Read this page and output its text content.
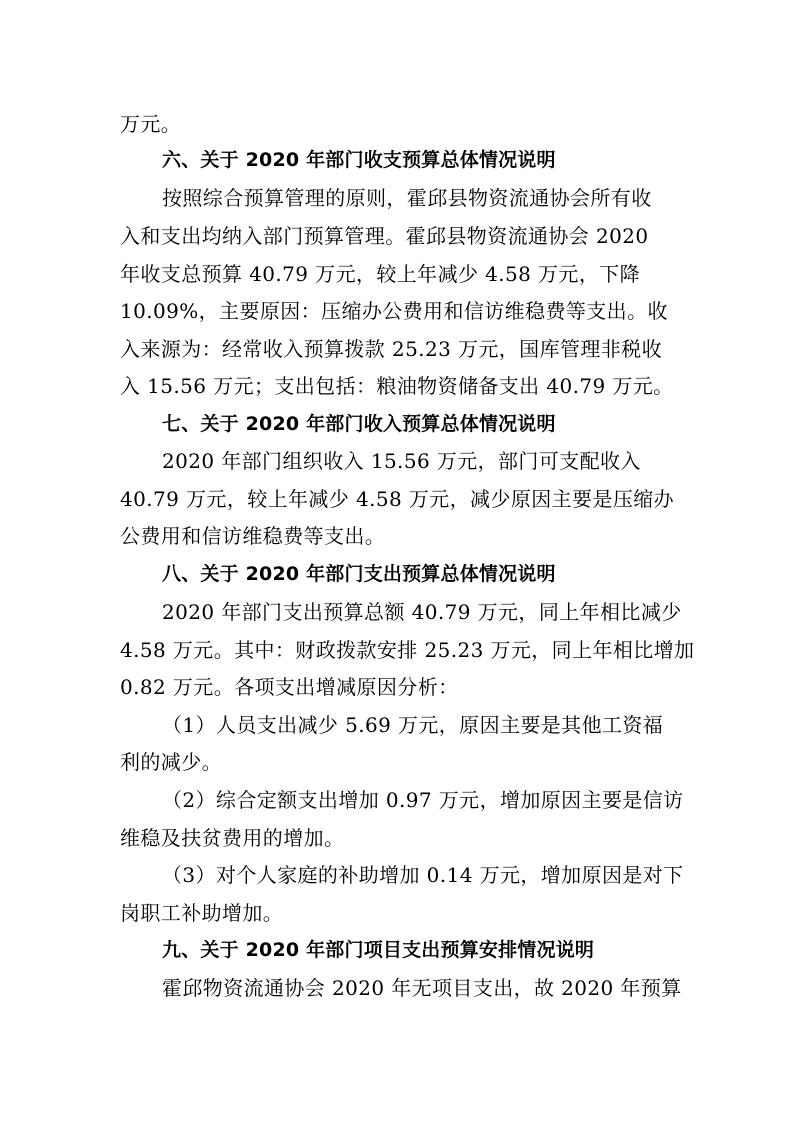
万元。
六、关于 2020 年部门收支预算总体情况说明
按照综合预算管理的原则，霍邱县物资流通协会所有收
入和支出均纳入部门预算管理。霍邱县物资流通协会 2020
年收支总预算 40.79 万元，较上年减少 4.58 万元，下降
10.09%，主要原因：压缩办公费用和信访维稳费等支出。收
入来源为：经常收入预算拨款 25.23 万元，国库管理非税收
入 15.56 万元；支出包括：粮油物资储备支出 40.79 万元。
七、关于 2020 年部门收入预算总体情况说明
2020 年部门组织收入 15.56 万元，部门可支配收入
40.79 万元，较上年减少 4.58 万元，减少原因主要是压缩办
公费用和信访维稳费等支出。
八、关于 2020 年部门支出预算总体情况说明
2020 年部门支出预算总额 40.79 万元，同上年相比减少
4.58 万元。其中：财政拨款安排 25.23 万元，同上年相比增加
0.82 万元。各项支出增减原因分析：
（1）人员支出减少 5.69 万元，原因主要是其他工资福
利的减少。
（2）综合定额支出增加 0.97 万元，增加原因主要是信访
维稳及扶贫费用的增加。
（3）对个人家庭的补助增加 0.14 万元，增加原因是对下
岗职工补助增加。
九、关于 2020 年部门项目支出预算安排情况说明
霍邱物资流通协会 2020 年无项目支出，故 2020 年预算
